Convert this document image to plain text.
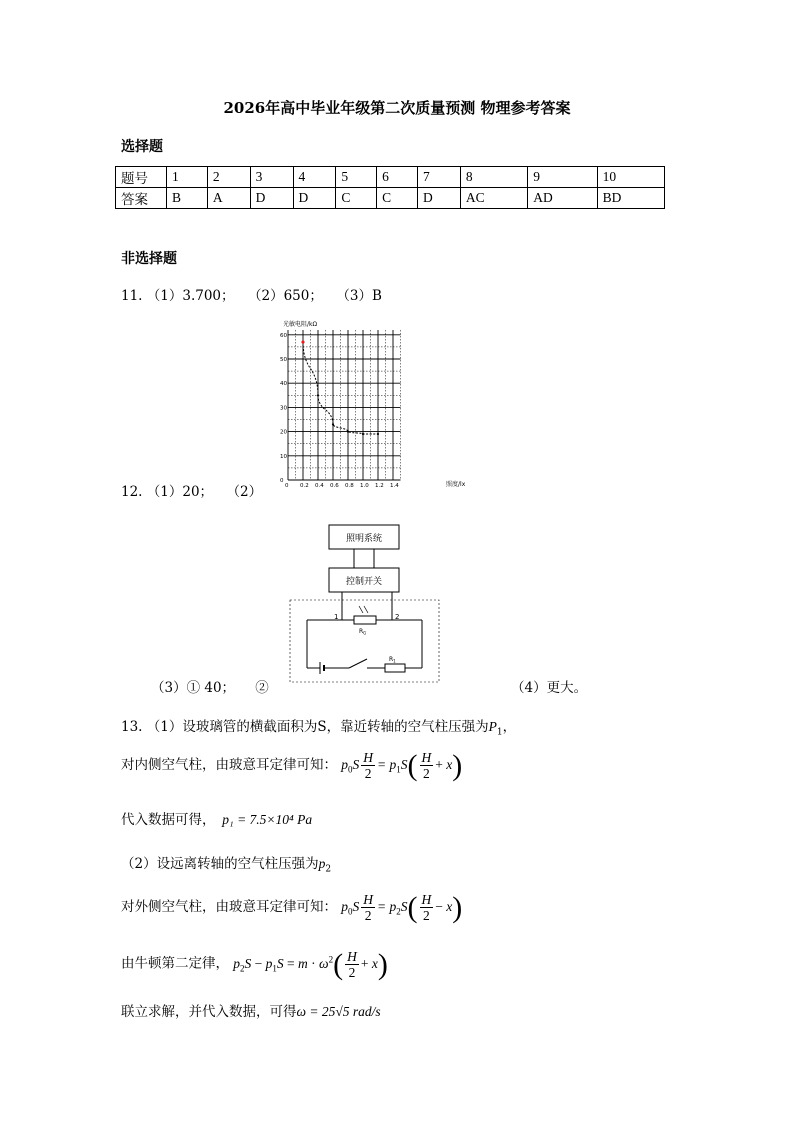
2026年高中毕业年级第二次质量预测 物理参考答案
选择题
题号	1	2	3	4	5	6	7	8	9	10
答案	B	A	D	D	C	C	D	AC	AD	BD
非选择题
11. （1）3.700；　　（2）650；　　（3）B
光敏电阻/kΩ
照度/lx
0
10
20
30
40
50
60
0 0.2 0.4 0.6 0.8 1.0 1.2 1.4
12. （1）20；　　（2）
照明系统
控制开关
1	2
$R_G$
$R_1$
（3）① 40；　　②	（4）更大。
13. （1）设玻璃管的横截面积为S，靠近转轴的空气柱压强为$P_1$，
对内侧空气柱，由玻意耳定律可知： $p_0S \frac{H}{2} = p_1S( \frac{H}{2} + x)$
代入数据可得，　 p₁ = 7.5×10⁴ Pa
（2）设远离转轴的空气柱压强为$p_2$
对外侧空气柱，由玻意耳定律可知： $p_0S \frac{H}{2} = p_2S( \frac{H}{2} - x)$
由牛顿第二定律， $p_2S - p_1S = m \cdot \omega^2( \frac{H}{2} + x)$
联立求解，并代入数据，可得ω = 25√5 rad/s
